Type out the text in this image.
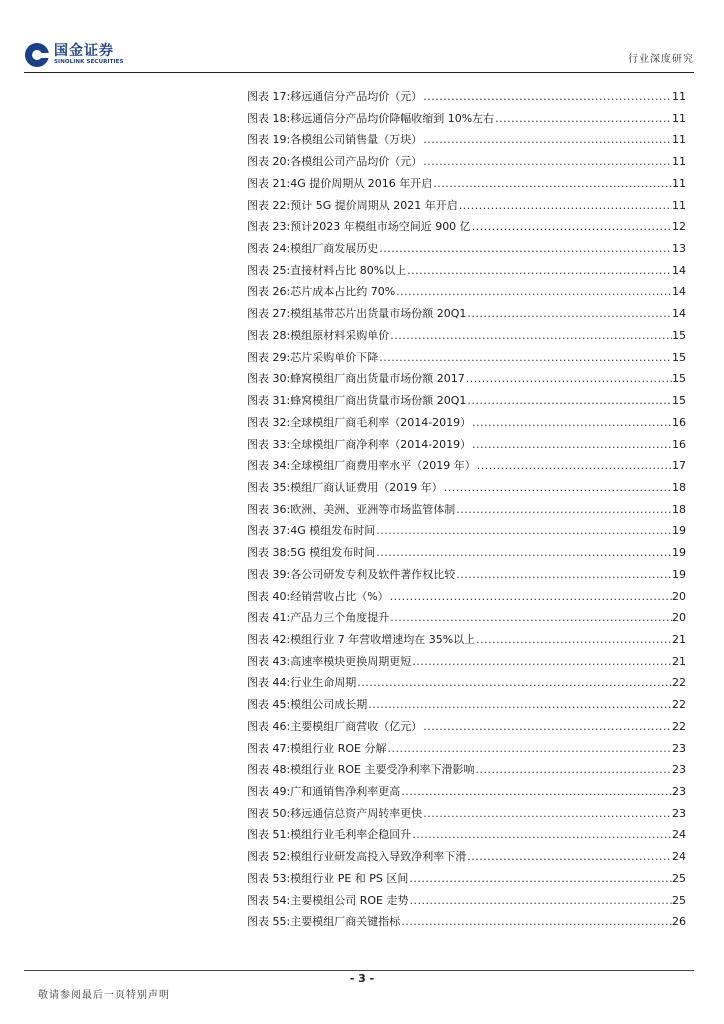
国金证券
SINOLINK SECURITIES	行业深度研究
图表 17: 移远通信分产品均价（元） .....	11
图表 18: 移远通信分产品均价降幅收缩到 10%左右 .....	11
图表 19: 各模组公司销售量（万块） .....	11
图表 20: 各模组公司产品均价（元） .....	11
图表 21: 4G 提价周期从 2016 年开启 .....	11
图表 22: 预计 5G 提价周期从 2021 年开启 .....	11
图表 23: 预计2023 年模组市场空间近 900 亿 .....	12
图表 24: 模组厂商发展历史 .....	13
图表 25: 直接材料占比 80%以上 .....	14
图表 26: 芯片成本占比约 70% .....	14
图表 27: 模组基带芯片出货量市场份额 20Q1 .....	14
图表 28: 模组原材料采购单价 .....	15
图表 29: 芯片采购单价下降 .....	15
图表 30: 蜂窝模组厂商出货量市场份额 2017 .....	15
图表 31: 蜂窝模组厂商出货量市场份额 20Q1 .....	15
图表 32: 全球模组厂商毛利率（2014-2019） .....	16
图表 33: 全球模组厂商净利率（2014-2019） .....	16
图表 34: 全球模组厂商费用率水平（2019 年） .....	17
图表 35: 模组厂商认证费用（2019 年） .....	18
图表 36: 欧洲、美洲、亚洲等市场监管体制 .....	18
图表 37: 4G 模组发布时间 .....	19
图表 38: 5G 模组发布时间 .....	19
图表 39: 各公司研发专利及软件著作权比较 .....	19
图表 40: 经销营收占比（%） .....	20
图表 41: 产品力三个角度提升 .....	20
图表 42: 模组行业 7 年营收增速均在 35%以上 .....	21
图表 43: 高速率模块更换周期更短 .....	21
图表 44: 行业生命周期 .....	22
图表 45: 模组公司成长期 .....	22
图表 46: 主要模组厂商营收（亿元） .....	22
图表 47: 模组行业 ROE 分解 .....	23
图表 48: 模组行业 ROE 主要受净利率下滑影响 .....	23
图表 49: 广和通销售净利率更高 .....	23
图表 50: 移远通信总资产周转率更快 .....	23
图表 51: 模组行业毛利率企稳回升 .....	24
图表 52: 模组行业研发高投入导致净利率下滑 .....	24
图表 53: 模组行业 PE 和 PS 区间 .....	25
图表 54: 主要模组公司 ROE 走势 .....	25
图表 55: 主要模组厂商关键指标 .....	26
- 3 -
敬请参阅最后一页特别声明
